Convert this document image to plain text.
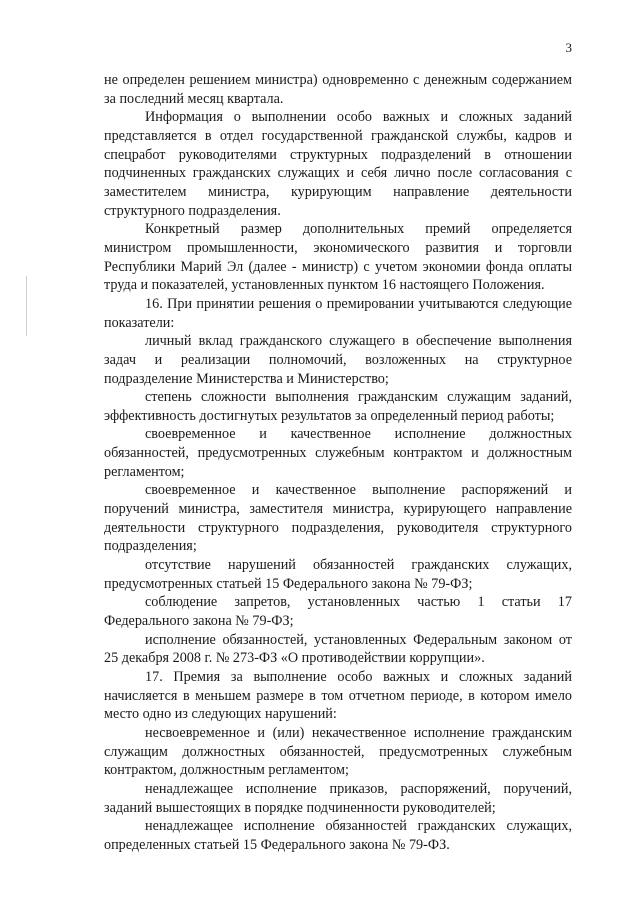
3

не определен решением министра) одновременно с денежным содержанием за последний месяц квартала.

Информация о выполнении особо важных и сложных заданий представляется в отдел государственной гражданской службы, кадров и спецработ руководителями структурных подразделений в отношении подчиненных гражданских служащих и себя лично после согласования с заместителем министра, курирующим направление деятельности структурного подразделения.

Конкретный размер дополнительных премий определяется министром промышленности, экономического развития и торговли Республики Марий Эл (далее - министр) с учетом экономии фонда оплаты труда и показателей, установленных пунктом 16 настоящего Положения.

16. При принятии решения о премировании учитываются следующие показатели:

личный вклад гражданского служащего в обеспечение выполнения задач и реализации полномочий, возложенных на структурное подразделение Министерства и Министерство;

степень сложности выполнения гражданским служащим заданий, эффективность достигнутых результатов за определенный период работы;

своевременное и качественное исполнение должностных обязанностей, предусмотренных служебным контрактом и должностным регламентом;

своевременное и качественное выполнение распоряжений и поручений министра, заместителя министра, курирующего направление деятельности структурного подразделения, руководителя структурного подразделения;

отсутствие нарушений обязанностей гражданских служащих, предусмотренных статьей 15 Федерального закона № 79-ФЗ;

соблюдение запретов, установленных частью 1 статьи 17 Федерального закона № 79-ФЗ;

исполнение обязанностей, установленных Федеральным законом от 25 декабря 2008 г. № 273-ФЗ «О противодействии коррупции».

17. Премия за выполнение особо важных и сложных заданий начисляется в меньшем размере в том отчетном периоде, в котором имело место одно из следующих нарушений:

несвоевременное и (или) некачественное исполнение гражданским служащим должностных обязанностей, предусмотренных служебным контрактом, должностным регламентом;

ненадлежащее исполнение приказов, распоряжений, поручений, заданий вышестоящих в порядке подчиненности руководителей;

ненадлежащее исполнение обязанностей гражданских служащих, определенных статьей 15 Федерального закона № 79-ФЗ.
